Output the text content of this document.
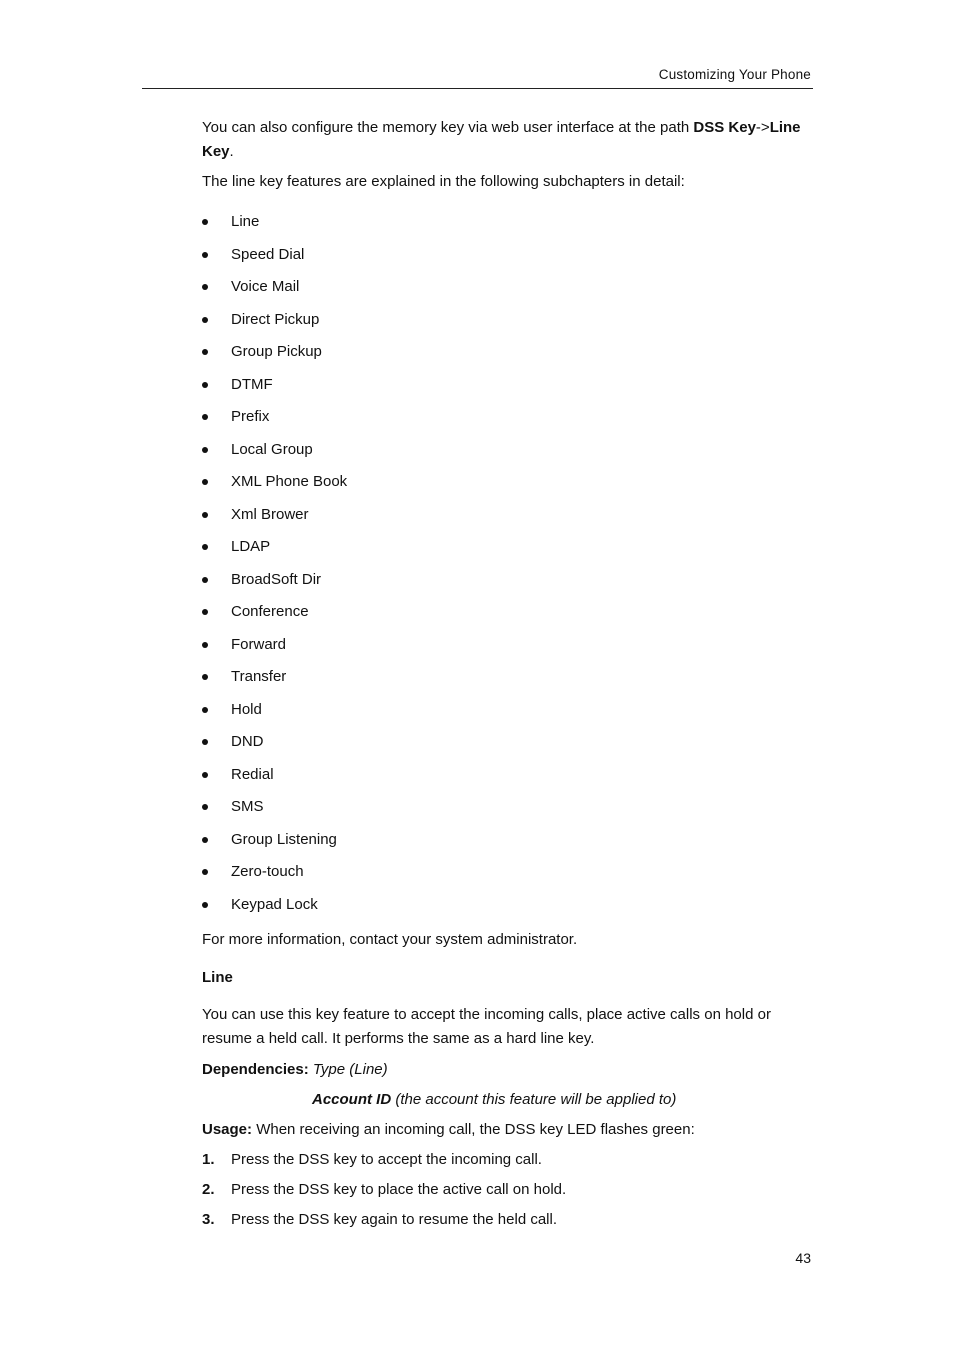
Customizing Your Phone
You can also configure the memory key via web user interface at the path DSS Key->Line Key.
The line key features are explained in the following subchapters in detail:
Line
Speed Dial
Voice Mail
Direct Pickup
Group Pickup
DTMF
Prefix
Local Group
XML Phone Book
Xml Brower
LDAP
BroadSoft Dir
Conference
Forward
Transfer
Hold
DND
Redial
SMS
Group Listening
Zero-touch
Keypad Lock
For more information, contact your system administrator.
Line
You can use this key feature to accept the incoming calls, place active calls on hold or resume a held call. It performs the same as a hard line key.
Dependencies: Type (Line)
Account ID (the account this feature will be applied to)
Usage: When receiving an incoming call, the DSS key LED flashes green:
1. Press the DSS key to accept the incoming call.
2. Press the DSS key to place the active call on hold.
3. Press the DSS key again to resume the held call.
43
